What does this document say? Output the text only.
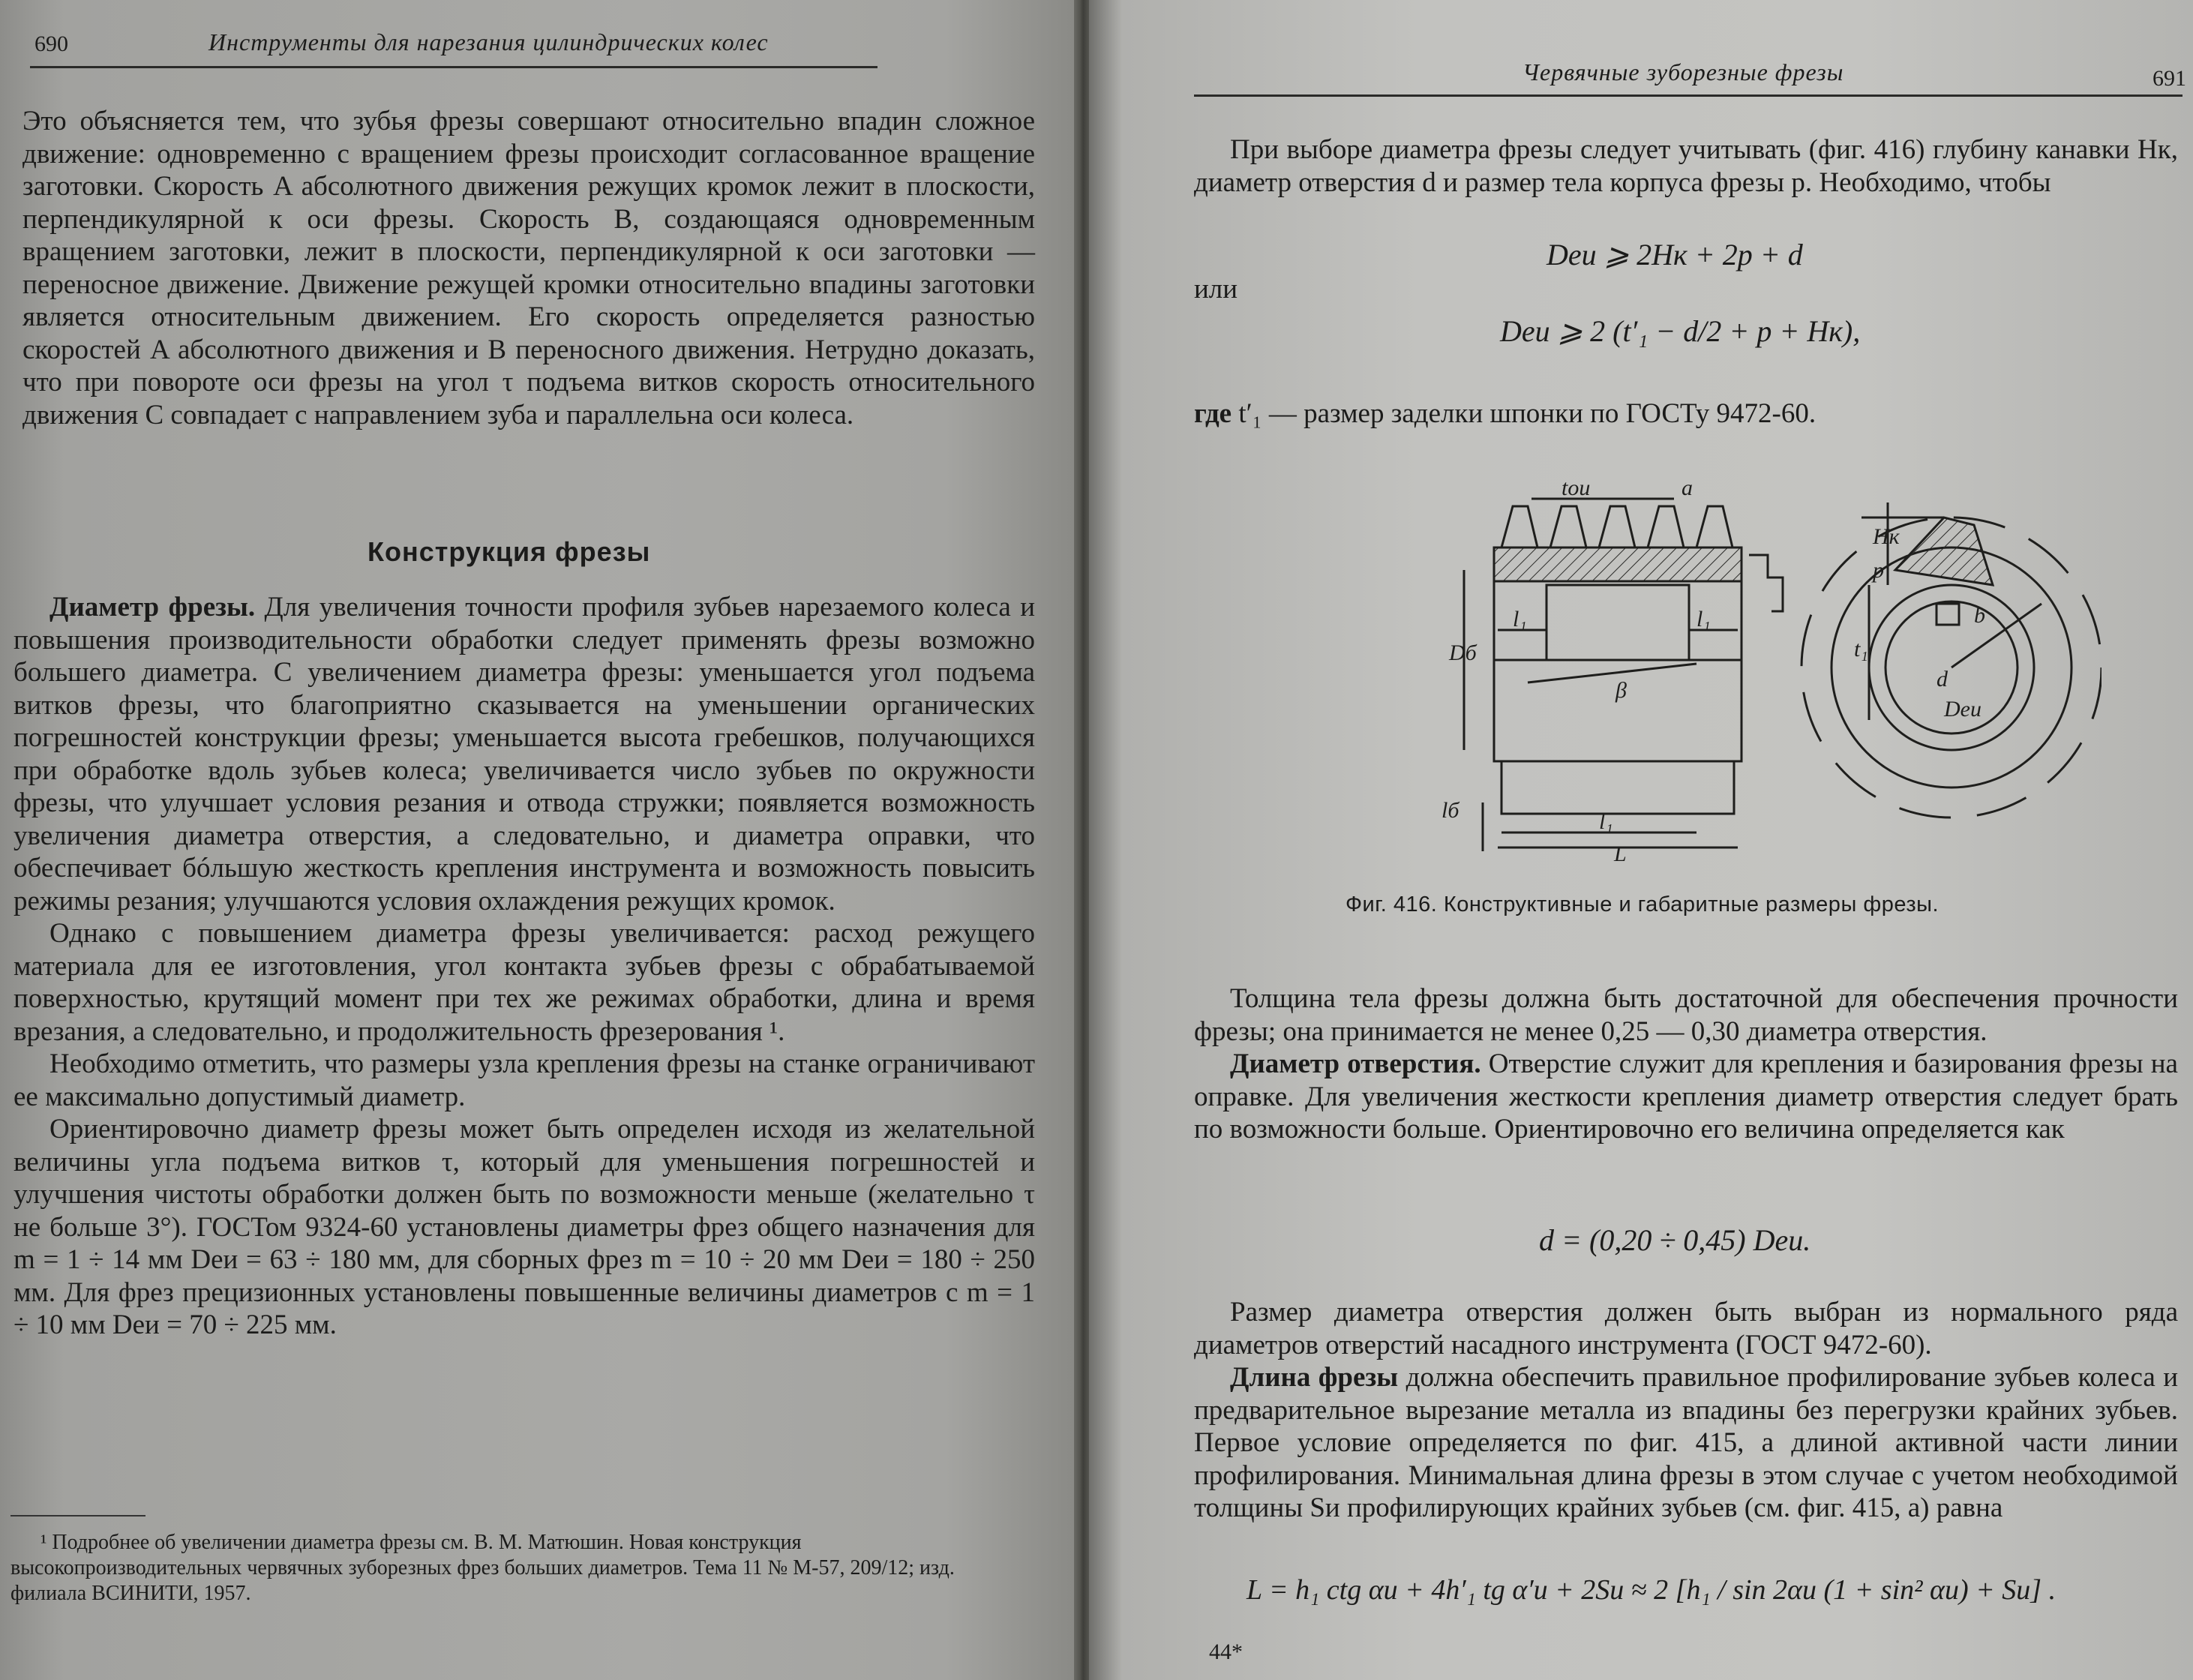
690	Инструменты для нарезания цилиндрических колес

Это объясняется тем, что зубья фрезы совершают относительно впадин сложное движение: одновременно с вращением фрезы происходит согласованное вращение заготовки. Скорость A абсолютного движения режущих кромок лежит в плоскости, перпендикулярной к оси фрезы. Скорость B, создающаяся одновременным вращением заготовки, лежит в плоскости, перпендикулярной к оси заготовки — переносное движение. Движение режущей кромки относительно впадины заготовки является относительным движением. Его скорость определяется разностью скоростей A абсолютного движения и B переносного движения. Нетрудно доказать, что при повороте оси фрезы на угол τ подъема витков скорость относительного движения C совпадает с направлением зуба и параллельна оси колеса.

Конструкция фрезы

Диаметр фрезы. Для увеличения точности профиля зубьев нарезаемого колеса и повышения производительности обработки следует применять фрезы возможно большего диаметра. С увеличением диаметра фрезы: уменьшается угол подъема витков фрезы, что благоприятно сказывается на уменьшении органических погрешностей конструкции фрезы; уменьшается высота гребешков, получающихся при обработке вдоль зубьев колеса; увеличивается число зубьев по окружности фрезы, что улучшает условия резания и отвода стружки; появляется возможность увеличения диаметра отверстия, а следовательно, и диаметра оправки, что обеспечивает бóльшую жесткость крепления инструмента и возможность повысить режимы резания; улучшаются условия охлаждения режущих кромок.

Однако с повышением диаметра фрезы увеличивается: расход режущего материала для ее изготовления, угол контакта зубьев фрезы с обрабатываемой поверхностью, крутящий момент при тех же режимах обработки, длина и время врезания, а следовательно, и продолжительность фрезерования ¹.

Необходимо отметить, что размеры узла крепления фрезы на станке ограничивают ее максимально допустимый диаметр.

Ориентировочно диаметр фрезы может быть определен исходя из желательной величины угла подъема витков τ, который для уменьшения погрешностей и улучшения чистоты обработки должен быть по возможности меньше (желательно τ не больше 3°). ГОСТом 9324-60 установлены диаметры фрез общего назначения для m = 1 ÷ 14 мм Dеи = 63 ÷ 180 мм, для сборных фрез m = 10 ÷ 20 мм Dеи = 180 ÷ 250 мм. Для фрез прецизионных установлены повышенные величины диаметров с m = 1 ÷ 10 мм Dеи = 70 ÷ 225 мм.

¹ Подробнее об увеличении диаметра фрезы см. В. М. Матюшин. Новая конструкция высокопроизводительных червячных зуборезных фрез больших диаметров. Тема 11 № М-57, 209/12; изд. филиала ВСИНИТИ, 1957.
Червячные зуборезные фрезы	691

При выборе диаметра фрезы следует учитывать (фиг. 416) глубину канавки Hк, диаметр отверстия d и размер тела корпуса фрезы p. Необходимо, чтобы

Dеи ⩾ 2Hк + 2p + d
или
Dеи ⩾ 2 (t′₁ − d/2 + p + Hк),
где t′₁ — размер заделки шпонки по ГОСТу 9472-60.
tоu	a
Dб
l₁	l₁
β
lб	l₁
L
Hк
p
b
t₁
d
Deu
Фиг. 416. Конструктивные и габаритные размеры фрезы.

Толщина тела фрезы должна быть достаточной для обеспечения прочности фрезы; она принимается не менее 0,25 — 0,30 диаметра отверстия.

Диаметр отверстия. Отверстие служит для крепления и базирования фрезы на оправке. Для увеличения жесткости крепления диаметр отверстия следует брать по возможности больше. Ориентировочно его величина определяется как

d = (0,20 ÷ 0,45) Dеи.

Размер диаметра отверстия должен быть выбран из нормального ряда диаметров отверстий насадного инструмента (ГОСТ 9472-60).

Длина фрезы должна обеспечить правильное профилирование зубьев колеса и предварительное вырезание металла из впадины без перегрузки крайних зубьев. Первое условие определяется по фиг. 415, а длиной активной части линии профилирования. Минимальная длина фрезы в этом случае с учетом необходимой толщины Sи профилирующих крайних зубьев (см. фиг. 415, а) равна

L = h₁ ctg αи + 4h′₁ tg α′и + 2Sи ≈ 2 [h₁ / sin 2αи (1 + sin² αи) + Sи] .
44*
